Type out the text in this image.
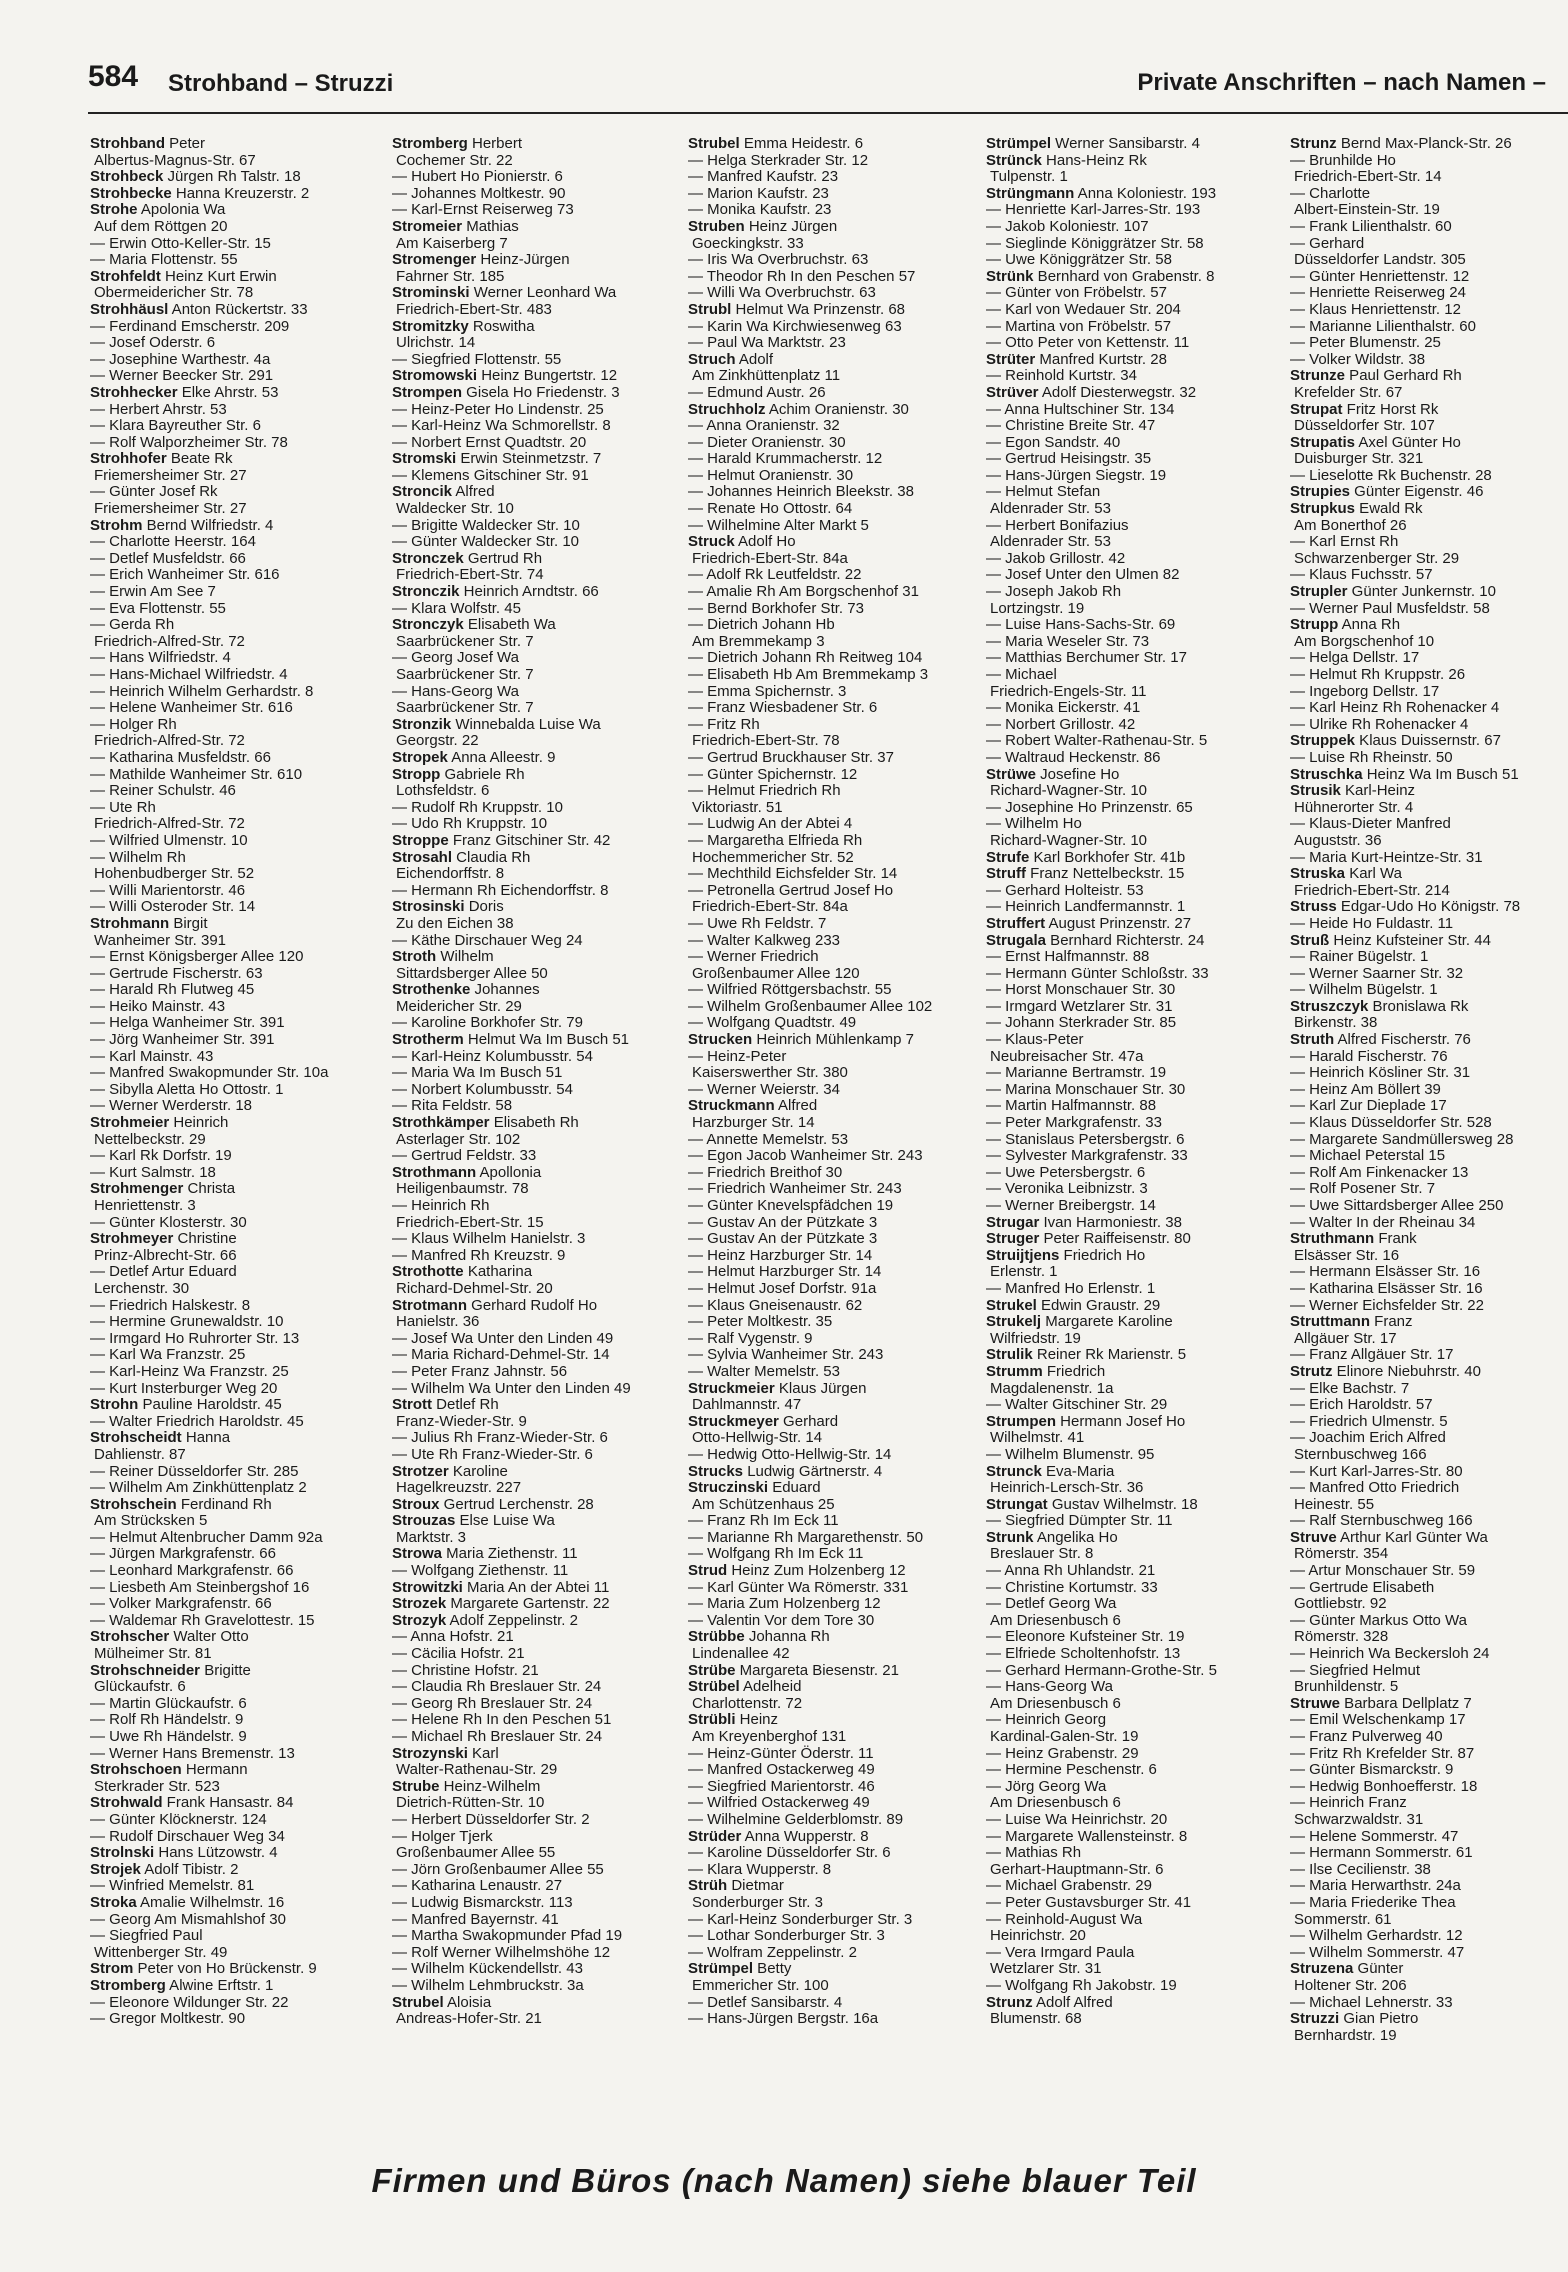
584 Strohband – Struzzi	Private Anschriften – nach Namen –
Strohband Peter
Albertus-Magnus-Str. 67
Strohbeck Jürgen Rh Talstr. 18
Strohbecke Hanna Kreuzerstr. 2
Strohe Apolonia Wa
Auf dem Röttgen 20
— Erwin Otto-Keller-Str. 15
— Maria Flottenstr. 55
Strohfeldt Heinz Kurt Erwin
Obermeidericher Str. 78
Strohhäusl Anton Rückertstr. 33
— Ferdinand Emscherstr. 209
— Josef Oderstr. 6
— Josephine Warthestr. 4a
— Werner Beecker Str. 291
Strohhecker Elke Ahrstr. 53
— Herbert Ahrstr. 53
— Klara Bayreuther Str. 6
— Rolf Walporzheimer Str. 78
Strohhofer Beate Rk
Friemersheimer Str. 27
— Günter Josef Rk
Friemersheimer Str. 27
Strohm Bernd Wilfriedstr. 4
— Charlotte Heerstr. 164
— Detlef Musfeldstr. 66
— Erich Wanheimer Str. 616
— Erwin Am See 7
— Eva Flottenstr. 55
— Gerda Rh
Friedrich-Alfred-Str. 72
— Hans Wilfriedstr. 4
— Hans-Michael Wilfriedstr. 4
— Heinrich Wilhelm Gerhardstr. 8
— Helene Wanheimer Str. 616
— Holger Rh
Friedrich-Alfred-Str. 72
— Katharina Musfeldstr. 66
— Mathilde Wanheimer Str. 610
— Reiner Schulstr. 46
— Ute Rh
Friedrich-Alfred-Str. 72
— Wilfried Ulmenstr. 10
— Wilhelm Rh
Hohenbudberger Str. 52
— Willi Marientorstr. 46
— Willi Osteroder Str. 14
Strohmann Birgit
Wanheimer Str. 391
— Ernst Königsberger Allee 120
— Gertrude Fischerstr. 63
— Harald Rh Flutweg 45
— Heiko Mainstr. 43
— Helga Wanheimer Str. 391
— Jörg Wanheimer Str. 391
— Karl Mainstr. 43
— Manfred Swakopmunder Str. 10a
— Sibylla Aletta Ho Ottostr. 1
— Werner Werderstr. 18
Strohmeier Heinrich
Nettelbeckstr. 29
— Karl Rk Dorfstr. 19
— Kurt Salmstr. 18
Strohmenger Christa
Henriettenstr. 3
— Günter Klosterstr. 30
Strohmeyer Christine
Prinz-Albrecht-Str. 66
— Detlef Artur Eduard
Lerchenstr. 30
— Friedrich Halskestr. 8
— Hermine Grunewaldstr. 10
— Irmgard Ho Ruhrorter Str. 13
— Karl Wa Franzstr. 25
— Karl-Heinz Wa Franzstr. 25
— Kurt Insterburger Weg 20
Strohn Pauline Haroldstr. 45
— Walter Friedrich Haroldstr. 45
Strohscheidt Hanna
Dahlienstr. 87
— Reiner Düsseldorfer Str. 285
— Wilhelm Am Zinkhüttenplatz 2
Strohschein Ferdinand Rh
Am Strücksken 5
— Helmut Altenbrucher Damm 92a
— Jürgen Markgrafenstr. 66
— Leonhard Markgrafenstr. 66
— Liesbeth Am Steinbergshof 16
— Volker Markgrafenstr. 66
— Waldemar Rh Gravelottestr. 15
Strohscher Walter Otto
Mülheimer Str. 81
Strohschneider Brigitte
Glückaufstr. 6
— Martin Glückaufstr. 6
— Rolf Rh Händelstr. 9
— Uwe Rh Händelstr. 9
— Werner Hans Bremenstr. 13
Strohschoen Hermann
Sterkrader Str. 523
Strohwald Frank Hansastr. 84
— Günter Klöcknerstr. 124
— Rudolf Dirschauer Weg 34
Strolnski Hans Lützowstr. 4
Strojek Adolf Tibistr. 2
— Winfried Memelstr. 81
Stroka Amalie Wilhelmstr. 16
— Georg Am Mismahlshof 30
— Siegfried Paul
Wittenberger Str. 49
Strom Peter von Ho Brückenstr. 9
Stromberg Alwine Erftstr. 1
— Eleonore Wildunger Str. 22
— Gregor Moltkestr. 90
Stromberg Herbert
Cochemer Str. 22
— Hubert Ho Pionierstr. 6
— Johannes Moltkestr. 90
— Karl-Ernst Reiserweg 73
Stromeier Mathias
Am Kaiserberg 7
Stromenger Heinz-Jürgen
Fahrner Str. 185
Strominski Werner Leonhard Wa
Friedrich-Ebert-Str. 483
Stromitzky Roswitha
Ulrichstr. 14
— Siegfried Flottenstr. 55
Stromowski Heinz Bungertstr. 12
Strompen Gisela Ho Friedenstr. 3
— Heinz-Peter Ho Lindenstr. 25
— Karl-Heinz Wa Schmorellstr. 8
— Norbert Ernst Quadtstr. 20
Stromski Erwin Steinmetzstr. 7
— Klemens Gitschiner Str. 91
Stroncik Alfred
Waldecker Str. 10
— Brigitte Waldecker Str. 10
— Günter Waldecker Str. 10
Stronczek Gertrud Rh
Friedrich-Ebert-Str. 74
Stronczik Heinrich Arndtstr. 66
— Klara Wolfstr. 45
Stronczyk Elisabeth Wa
Saarbrückener Str. 7
— Georg Josef Wa
Saarbrückener Str. 7
— Hans-Georg Wa
Saarbrückener Str. 7
Stronzik Winnebalda Luise Wa
Georgstr. 22
Stropek Anna Alleestr. 9
Stropp Gabriele Rh
Lothsfeldstr. 6
— Rudolf Rh Kruppstr. 10
— Udo Rh Kruppstr. 10
Stroppe Franz Gitschiner Str. 42
Strosahl Claudia Rh
Eichendorffstr. 8
— Hermann Rh Eichendorffstr. 8
Strosinski Doris
Zu den Eichen 38
— Käthe Dirschauer Weg 24
Stroth Wilhelm
Sittardsberger Allee 50
Strothenke Johannes
Meidericher Str. 29
— Karoline Borkhofer Str. 79
Strotherm Helmut Wa Im Busch 51
— Karl-Heinz Kolumbusstr. 54
— Maria Wa Im Busch 51
— Norbert Kolumbusstr. 54
— Rita Feldstr. 58
Strothkämper Elisabeth Rh
Asterlager Str. 102
— Gertrud Feldstr. 33
Strothmann Apollonia
Heiligenbaumstr. 78
— Heinrich Rh
Friedrich-Ebert-Str. 15
— Klaus Wilhelm Hanielstr. 3
— Manfred Rh Kreuzstr. 9
Strothotte Katharina
Richard-Dehmel-Str. 20
Strotmann Gerhard Rudolf Ho
Hanielstr. 36
— Josef Wa Unter den Linden 49
— Maria Richard-Dehmel-Str. 14
— Peter Franz Jahnstr. 56
— Wilhelm Wa Unter den Linden 49
Strott Detlef Rh
Franz-Wieder-Str. 9
— Julius Rh Franz-Wieder-Str. 6
— Ute Rh Franz-Wieder-Str. 6
Strotzer Karoline
Hagelkreuzstr. 227
Stroux Gertrud Lerchenstr. 28
Strouzas Else Luise Wa
Marktstr. 3
Strowa Maria Ziethenstr. 11
— Wolfgang Ziethenstr. 11
Strowitzki Maria An der Abtei 11
Strozek Margarete Gartenstr. 22
Strozyk Adolf Zeppelinstr. 2
— Anna Hofstr. 21
— Cäcilia Hofstr. 21
— Christine Hofstr. 21
— Claudia Rh Breslauer Str. 24
— Georg Rh Breslauer Str. 24
— Helene Rh In den Peschen 51
— Michael Rh Breslauer Str. 24
Strozynski Karl
Walter-Rathenau-Str. 29
Strube Heinz-Wilhelm
Dietrich-Rütten-Str. 10
— Herbert Düsseldorfer Str. 2
— Holger Tjerk
Großenbaumer Allee 55
— Jörn Großenbaumer Allee 55
— Katharina Lenaustr. 27
— Ludwig Bismarckstr. 113
— Manfred Bayernstr. 41
— Martha Swakopmunder Pfad 19
— Rolf Werner Wilhelmshöhe 12
— Wilhelm Kückendellstr. 43
— Wilhelm Lehmbruckstr. 3a
Strubel Aloisia
Andreas-Hofer-Str. 21
Strubel Emma Heidestr. 6
— Helga Sterkrader Str. 12
— Manfred Kaufstr. 23
— Marion Kaufstr. 23
— Monika Kaufstr. 23
Struben Heinz Jürgen
Goeckingkstr. 33
— Iris Wa Overbruchstr. 63
— Theodor Rh In den Peschen 57
— Willi Wa Overbruchstr. 63
Strubl Helmut Wa Prinzenstr. 68
— Karin Wa Kirchwiesenweg 63
— Paul Wa Marktstr. 23
Struch Adolf
Am Zinkhüttenplatz 11
— Edmund Austr. 26
Struchholz Achim Oranienstr. 30
— Anna Oranienstr. 32
— Dieter Oranienstr. 30
— Harald Krummacherstr. 12
— Helmut Oranienstr. 30
— Johannes Heinrich Bleekstr. 38
— Renate Ho Ottostr. 64
— Wilhelmine Alter Markt 5
Struck Adolf Ho
Friedrich-Ebert-Str. 84a
— Adolf Rk Leutfeldstr. 22
— Amalie Rh Am Borgschenhof 31
— Bernd Borkhofer Str. 73
— Dietrich Johann Hb
Am Bremmekamp 3
— Dietrich Johann Rh Reitweg 104
— Elisabeth Hb Am Bremmekamp 3
— Emma Spichernstr. 3
— Franz Wiesbadener Str. 6
— Fritz Rh
Friedrich-Ebert-Str. 78
— Gertrud Bruckhauser Str. 37
— Günter Spichernstr. 12
— Helmut Friedrich Rh
Viktoriastr. 51
— Ludwig An der Abtei 4
— Margaretha Elfrieda Rh
Hochemmericher Str. 52
— Mechthild Eichsfelder Str. 14
— Petronella Gertrud Josef Ho
Friedrich-Ebert-Str. 84a
— Uwe Rh Feldstr. 7
— Walter Kalkweg 233
— Werner Friedrich
Großenbaumer Allee 120
— Wilfried Röttgersbachstr. 55
— Wilhelm Großenbaumer Allee 102
— Wolfgang Quadtstr. 49
Strucken Heinrich Mühlenkamp 7
— Heinz-Peter
Kaiserswerther Str. 380
— Werner Weierstr. 34
Struckmann Alfred
Harzburger Str. 14
— Annette Memelstr. 53
— Egon Jacob Wanheimer Str. 243
— Friedrich Breithof 30
— Friedrich Wanheimer Str. 243
— Günter Knevelspfädchen 19
— Gustav An der Pützkate 3
— Gustav An der Pützkate 3
— Heinz Harzburger Str. 14
— Helmut Harzburger Str. 14
— Helmut Josef Dorfstr. 91a
— Klaus Gneisenaustr. 62
— Peter Moltkestr. 35
— Ralf Vygenstr. 9
— Sylvia Wanheimer Str. 243
— Walter Memelstr. 53
Struckmeier Klaus Jürgen
Dahlmannstr. 47
Struckmeyer Gerhard
Otto-Hellwig-Str. 14
— Hedwig Otto-Hellwig-Str. 14
Strucks Ludwig Gärtnerstr. 4
Struczinski Eduard
Am Schützenhaus 25
— Franz Rh Im Eck 11
— Marianne Rh Margarethenstr. 50
— Wolfgang Rh Im Eck 11
Strud Heinz Zum Holzenberg 12
— Karl Günter Wa Römerstr. 331
— Maria Zum Holzenberg 12
— Valentin Vor dem Tore 30
Strübbe Johanna Rh
Lindenallee 42
Strübe Margareta Biesenstr. 21
Strübel Adelheid
Charlottenstr. 72
Strübli Heinz
Am Kreyenberghof 131
— Heinz-Günter Öderstr. 11
— Manfred Ostackerweg 49
— Siegfried Marientorstr. 46
— Wilfried Ostackerweg 49
— Wilhelmine Gelderblomstr. 89
Strüder Anna Wupperstr. 8
— Karoline Düsseldorfer Str. 6
— Klara Wupperstr. 8
Strüh Dietmar
Sonderburger Str. 3
— Karl-Heinz Sonderburger Str. 3
— Lothar Sonderburger Str. 3
— Wolfram Zeppelinstr. 2
Strümpel Betty
Emmericher Str. 100
— Detlef Sansibarstr. 4
— Hans-Jürgen Bergstr. 16a
Strümpel Werner Sansibarstr. 4
Strünck Hans-Heinz Rk
Tulpenstr. 1
Strüngmann Anna Koloniestr. 193
— Henriette Karl-Jarres-Str. 193
— Jakob Koloniestr. 107
— Sieglinde Königgrätzer Str. 58
— Uwe Königgrätzer Str. 58
Strünk Bernhard von Grabenstr. 8
— Günter von Fröbelstr. 57
— Karl von Wedauer Str. 204
— Martina von Fröbelstr. 57
— Otto Peter von Kettenstr. 11
Strüter Manfred Kurtstr. 28
— Reinhold Kurtstr. 34
Strüver Adolf Diesterwegstr. 32
— Anna Hultschiner Str. 134
— Christine Breite Str. 47
— Egon Sandstr. 40
— Gertrud Heisingstr. 35
— Hans-Jürgen Siegstr. 19
— Helmut Stefan
Aldenrader Str. 53
— Herbert Bonifazius
Aldenrader Str. 53
— Jakob Grillostr. 42
— Josef Unter den Ulmen 82
— Joseph Jakob Rh
Lortzingstr. 19
— Luise Hans-Sachs-Str. 69
— Maria Weseler Str. 73
— Matthias Berchumer Str. 17
— Michael
Friedrich-Engels-Str. 11
— Monika Eickerstr. 41
— Norbert Grillostr. 42
— Robert Walter-Rathenau-Str. 5
— Waltraud Heckenstr. 86
Strüwe Josefine Ho
Richard-Wagner-Str. 10
— Josephine Ho Prinzenstr. 65
— Wilhelm Ho
Richard-Wagner-Str. 10
Strufe Karl Borkhofer Str. 41b
Struff Franz Nettelbeckstr. 15
— Gerhard Holteistr. 53
— Heinrich Landfermannstr. 1
Struffert August Prinzenstr. 27
Strugala Bernhard Richterstr. 24
— Ernst Halfmannstr. 88
— Hermann Günter Schloßstr. 33
— Horst Monschauer Str. 30
— Irmgard Wetzlarer Str. 31
— Johann Sterkrader Str. 85
— Klaus-Peter
Neubreisacher Str. 47a
— Marianne Bertramstr. 19
— Marina Monschauer Str. 30
— Martin Halfmannstr. 88
— Peter Markgrafenstr. 33
— Stanislaus Petersbergstr. 6
— Sylvester Markgrafenstr. 33
— Uwe Petersbergstr. 6
— Veronika Leibnizstr. 3
— Werner Breibergstr. 14
Strugar Ivan Harmoniestr. 38
Struger Peter Raiffeisenstr. 80
Struijtjens Friedrich Ho
Erlenstr. 1
— Manfred Ho Erlenstr. 1
Strukel Edwin Graustr. 29
Strukelj Margarete Karoline
Wilfriedstr. 19
Strulik Reiner Rk Marienstr. 5
Strumm Friedrich
Magdalenenstr. 1a
— Walter Gitschiner Str. 29
Strumpen Hermann Josef Ho
Wilhelmstr. 41
— Wilhelm Blumenstr. 95
Strunck Eva-Maria
Heinrich-Lersch-Str. 36
Strungat Gustav Wilhelmstr. 18
— Siegfried Dümpter Str. 11
Strunk Angelika Ho
Breslauer Str. 8
— Anna Rh Uhlandstr. 21
— Christine Kortumstr. 33
— Detlef Georg Wa
Am Driesenbusch 6
— Eleonore Kufsteiner Str. 19
— Elfriede Scholtenhofstr. 13
— Gerhard Hermann-Grothe-Str. 5
— Hans-Georg Wa
Am Driesenbusch 6
— Heinrich Georg
Kardinal-Galen-Str. 19
— Heinz Grabenstr. 29
— Hermine Peschenstr. 6
— Jörg Georg Wa
Am Driesenbusch 6
— Luise Wa Heinrichstr. 20
— Margarete Wallensteinstr. 8
— Mathias Rh
Gerhart-Hauptmann-Str. 6
— Michael Grabenstr. 29
— Peter Gustavsburger Str. 41
— Reinhold-August Wa
Heinrichstr. 20
— Vera Irmgard Paula
Wetzlarer Str. 31
— Wolfgang Rh Jakobstr. 19
Strunz Adolf Alfred
Blumenstr. 68
Strunz Bernd Max-Planck-Str. 26
— Brunhilde Ho
Friedrich-Ebert-Str. 14
— Charlotte
Albert-Einstein-Str. 19
— Frank Lilienthalstr. 60
— Gerhard
Düsseldorfer Landstr. 305
— Günter Henriettenstr. 12
— Henriette Reiserweg 24
— Klaus Henriettenstr. 12
— Marianne Lilienthalstr. 60
— Peter Blumenstr. 25
— Volker Wildstr. 38
Strunze Paul Gerhard Rh
Krefelder Str. 67
Strupat Fritz Horst Rk
Düsseldorfer Str. 107
Strupatis Axel Günter Ho
Duisburger Str. 321
— Lieselotte Rk Buchenstr. 28
Strupies Günter Eigenstr. 46
Strupkus Ewald Rk
Am Bonerthof 26
— Karl Ernst Rh
Schwarzenberger Str. 29
— Klaus Fuchsstr. 57
Strupler Günter Junkernstr. 10
— Werner Paul Musfeldstr. 58
Strupp Anna Rh
Am Borgschenhof 10
— Helga Dellstr. 17
— Helmut Rh Kruppstr. 26
— Ingeborg Dellstr. 17
— Karl Heinz Rh Rohenacker 4
— Ulrike Rh Rohenacker 4
Struppek Klaus Duissernstr. 67
— Luise Rh Rheinstr. 50
Struschka Heinz Wa Im Busch 51
Strusik Karl-Heinz
Hühnerorter Str. 4
— Klaus-Dieter Manfred
Auguststr. 36
— Maria Kurt-Heintze-Str. 31
Struska Karl Wa
Friedrich-Ebert-Str. 214
Struss Edgar-Udo Ho Königstr. 78
— Heide Ho Fuldastr. 11
Struß Heinz Kufsteiner Str. 44
— Rainer Bügelstr. 1
— Werner Saarner Str. 32
— Wilhelm Bügelstr. 1
Struszczyk Bronislawa Rk
Birkenstr. 38
Struth Alfred Fischerstr. 76
— Harald Fischerstr. 76
— Heinrich Kösliner Str. 31
— Heinz Am Böllert 39
— Karl Zur Dieplade 17
— Klaus Düsseldorfer Str. 528
— Margarete Sandmüllersweg 28
— Michael Peterstal 15
— Rolf Am Finkenacker 13
— Rolf Posener Str. 7
— Uwe Sittardsberger Allee 250
— Walter In der Rheinau 34
Struthmann Frank
Elsässer Str. 16
— Hermann Elsässer Str. 16
— Katharina Elsässer Str. 16
— Werner Eichsfelder Str. 22
Struttmann Franz
Allgäuer Str. 17
— Franz Allgäuer Str. 17
Strutz Elinore Niebuhrstr. 40
— Elke Bachstr. 7
— Erich Haroldstr. 57
— Friedrich Ulmenstr. 5
— Joachim Erich Alfred
Sternbuschweg 166
— Kurt Karl-Jarres-Str. 80
— Manfred Otto Friedrich
Heinestr. 55
— Ralf Sternbuschweg 166
Struve Arthur Karl Günter Wa
Römerstr. 354
— Artur Monschauer Str. 59
— Gertrude Elisabeth
Gottliebstr. 92
— Günter Markus Otto Wa
Römerstr. 328
— Heinrich Wa Beckersloh 24
— Siegfried Helmut
Brunhildenstr. 5
Struwe Barbara Dellplatz 7
— Emil Welschenkamp 17
— Franz Pulverweg 40
— Fritz Rh Krefelder Str. 87
— Günter Bismarckstr. 9
— Hedwig Bonhoefferstr. 18
— Heinrich Franz
Schwarzwaldstr. 31
— Helene Sommerstr. 47
— Hermann Sommerstr. 61
— Ilse Cecilienstr. 38
— Maria Herwarthstr. 24a
— Maria Friederike Thea
Sommerstr. 61
— Wilhelm Gerhardstr. 12
— Wilhelm Sommerstr. 47
Struzena Günter
Holtener Str. 206
— Michael Lehnerstr. 33
Struzzi Gian Pietro
Bernhardstr. 19
Firmen und Büros (nach Namen) siehe blauer Teil
